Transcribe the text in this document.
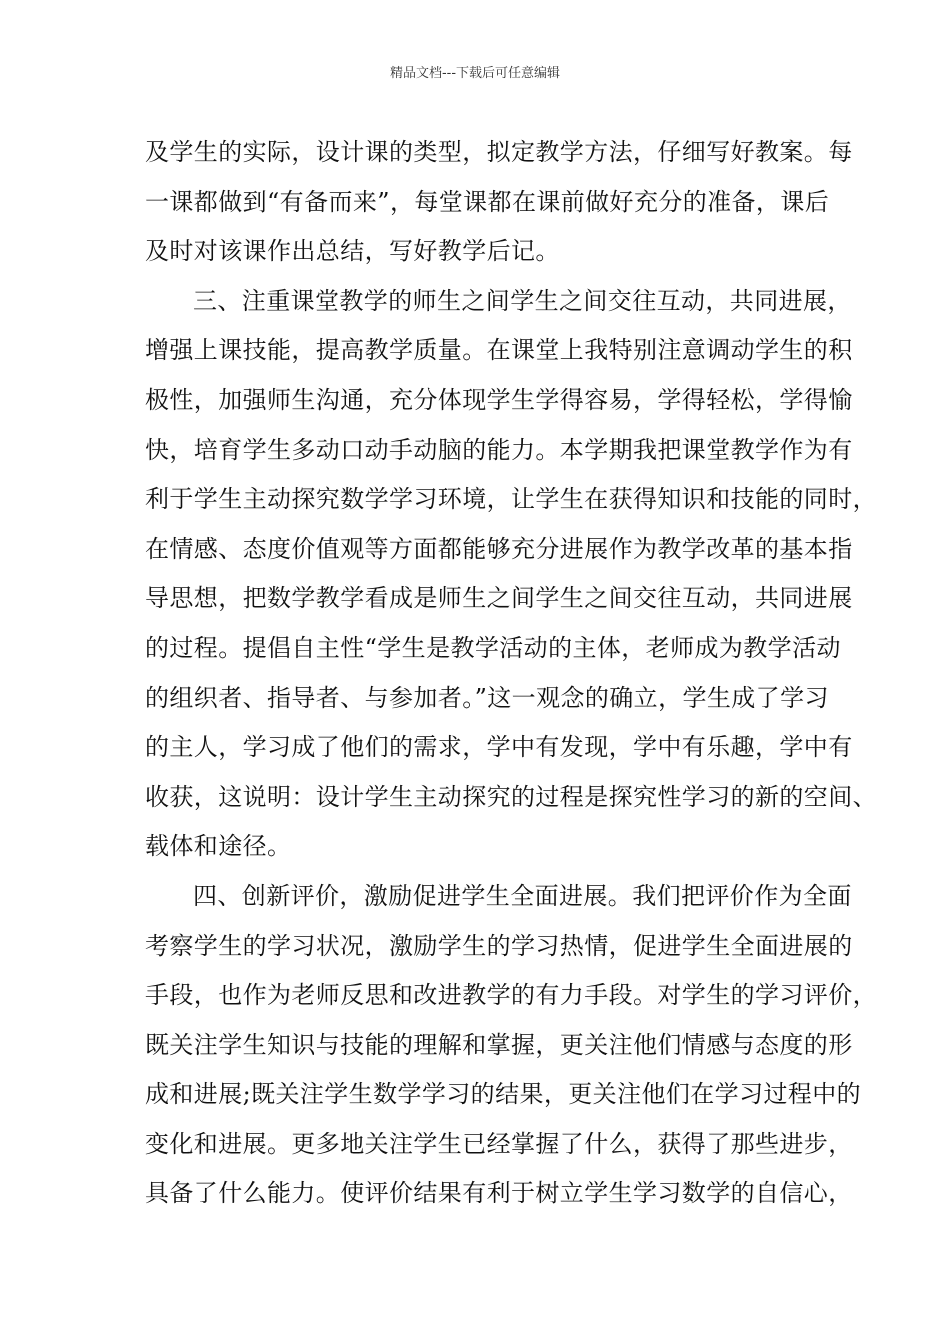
精品文档---下载后可任意编辑
及学生的实际，设计课的类型，拟定教学方法，仔细写好教案。每
一课都做到“有备而来”，每堂课都在课前做好充分的准备，课后
及时对该课作出总结，写好教学后记。
三、注重课堂教学的师生之间学生之间交往互动，共同进展，
增强上课技能，提高教学质量。在课堂上我特别注意调动学生的积
极性，加强师生沟通，充分体现学生学得容易，学得轻松，学得愉
快，培育学生多动口动手动脑的能力。本学期我把课堂教学作为有
利于学生主动探究数学学习环境，让学生在获得知识和技能的同时，
在情感、态度价值观等方面都能够充分进展作为教学改革的基本指
导思想，把数学教学看成是师生之间学生之间交往互动，共同进展
的过程。提倡自主性“学生是教学活动的主体，老师成为教学活动
的组织者、指导者、与参加者。”这一观念的确立，学生成了学习
的主人，学习成了他们的需求，学中有发现，学中有乐趣，学中有
收获，这说明：设计学生主动探究的过程是探究性学习的新的空间、
载体和途径。
四、创新评价，激励促进学生全面进展。我们把评价作为全面
考察学生的学习状况，激励学生的学习热情，促进学生全面进展的
手段，也作为老师反思和改进教学的有力手段。对学生的学习评价，
既关注学生知识与技能的理解和掌握，更关注他们情感与态度的形
成和进展;既关注学生数学学习的结果，更关注他们在学习过程中的
变化和进展。更多地关注学生已经掌握了什么，获得了那些进步，
具备了什么能力。使评价结果有利于树立学生学习数学的自信心，
